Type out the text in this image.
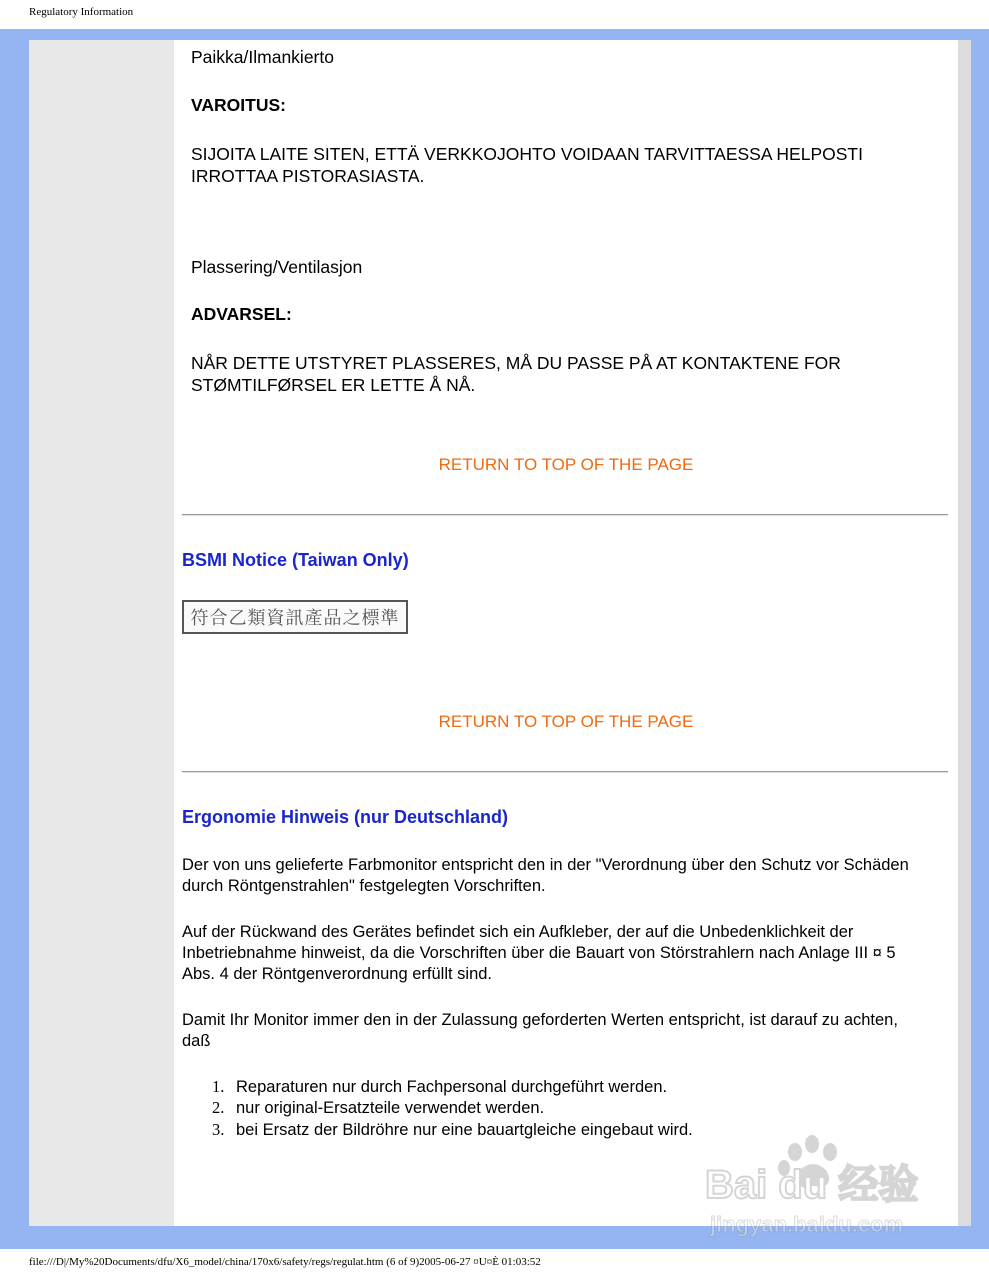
Regulatory Information
Paikka/Ilmankierto
VAROITUS:
SIJOITA LAITE SITEN, ETTÄ VERKKOJOHTO VOIDAAN TARVITTAESSA HELPOSTI
IRROTTAA PISTORASIASTA.
Plassering/Ventilasjon
ADVARSEL:
NÅR DETTE UTSTYRET PLASSERES, MÅ DU PASSE PÅ AT KONTAKTENE FOR
STØMTILFØRSEL ER LETTE Å NÅ.
RETURN TO TOP OF THE PAGE
BSMI Notice (Taiwan Only)
符合乙類資訊產品之標準
RETURN TO TOP OF THE PAGE
Ergonomie Hinweis (nur Deutschland)
Der von uns gelieferte Farbmonitor entspricht den in der "Verordnung über den Schutz vor Schäden
durch Röntgenstrahlen" festgelegten Vorschriften.
Auf der Rückwand des Gerätes befindet sich ein Aufkleber, der auf die Unbedenklichkeit der
Inbetriebnahme hinweist, da die Vorschriften über die Bauart von Störstrahlern nach Anlage III ¤ 5
Abs. 4 der Röntgenverordnung erfüllt sind.
Damit Ihr Monitor immer den in der Zulassung geforderten Werten entspricht, ist darauf zu achten,
daß
1. Reparaturen nur durch Fachpersonal durchgeführt werden.
2. nur original-Ersatzteile verwendet werden.
3. bei Ersatz der Bildröhre nur eine bauartgleiche eingebaut wird.
Bai du 经验
jingyan.baidu.com
file:///D|/My%20Documents/dfu/X6_model/china/170x6/safety/regs/regulat.htm (6 of 9)2005-06-27 ¤U¤È 01:03:52
